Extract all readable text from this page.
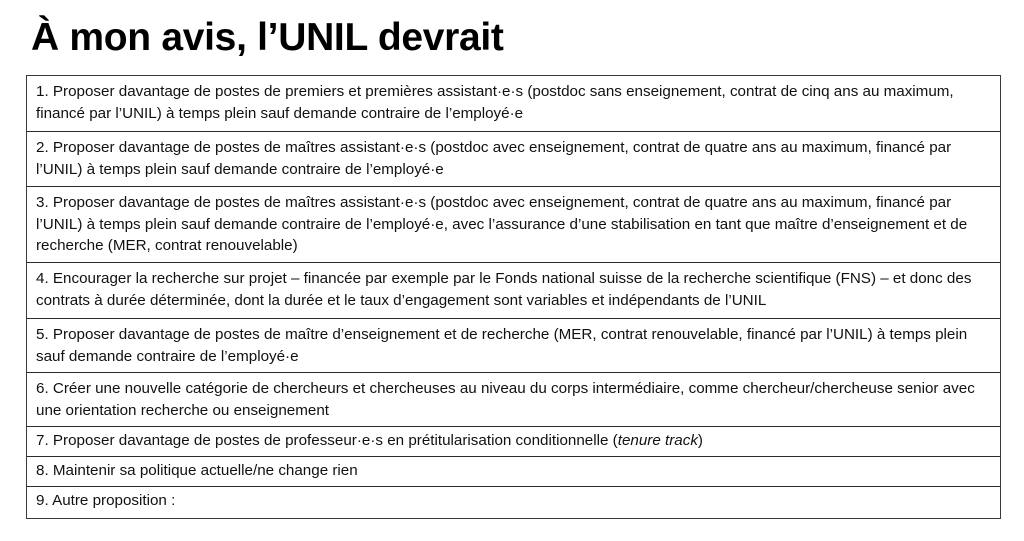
À mon avis, l’UNIL devrait
1. Proposer davantage de postes de premiers et premières assistant·e·s (postdoc sans enseignement, contrat de cinq ans au maximum, financé par l’UNIL) à temps plein sauf demande contraire de l’employé·e
2. Proposer davantage de postes de maîtres assistant·e·s (postdoc avec enseignement, contrat de quatre ans au maximum, financé par l’UNIL) à temps plein sauf demande contraire de l’employé·e
3. Proposer davantage de postes de maîtres assistant·e·s (postdoc avec enseignement, contrat de quatre ans au maximum, financé par l’UNIL) à temps plein sauf demande contraire de l’employé·e, avec l’assurance d’une stabilisation en tant que maître d’enseignement et de recherche (MER, contrat renouvelable)
4. Encourager la recherche sur projet – financée par exemple par le Fonds national suisse de la recherche scientifique (FNS) – et donc des contrats à durée déterminée, dont la durée et le taux d’engagement sont variables et indépendants de l’UNIL
5. Proposer davantage de postes de maître d’enseignement et de recherche (MER, contrat renouvelable, financé par l’UNIL) à temps plein sauf demande contraire de l’employé·e
6. Créer une nouvelle catégorie de chercheurs et chercheuses au niveau du corps intermédiaire, comme chercheur/chercheuse senior avec une orientation recherche ou enseignement
7. Proposer davantage de postes de professeur·e·s en prétitularisation conditionnelle (tenure track)
8. Maintenir sa politique actuelle/ne change rien
9. Autre proposition :
